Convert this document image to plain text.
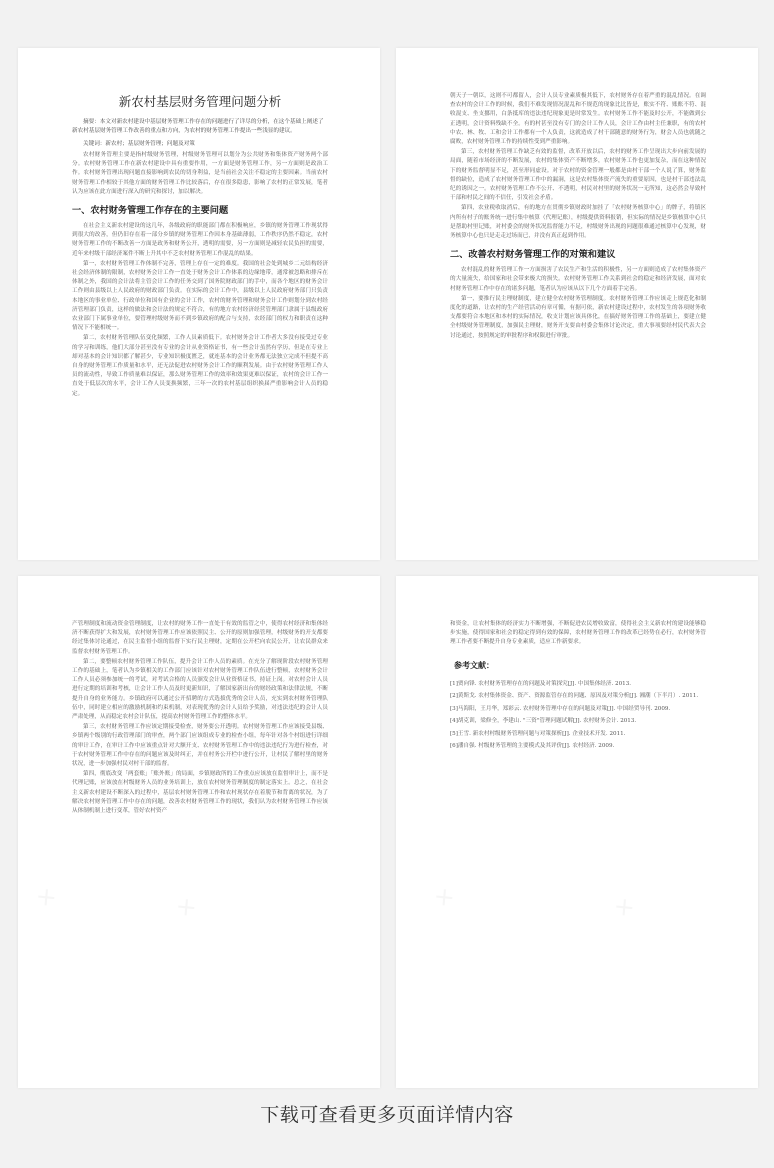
新农村基层财务管理问题分析

摘要：本文对新农村建设中基层财务管理工作存在的问题进行了详尽的分析，在这个基础上阐述了新农村基层财务管理工作改善的重点和方向，为农村的财务管理工作提出一些浅显的建议。

关键词：新农村；基层财务管理；问题及对策

农村财务管理主要是指村级财务管理，村级财务管理可以划分为公共财务和集体资产财务两个部分。农村财务管理工作在新农村建设中具有重要作用，一方面是财务管理工作，另一方面则是政治工作。农村财务管理出现问题直接影响到农民的切身利益，是当前社会关注不稳定的主要因素。当前农村财务管理工作相较于其他方面的财务管理工作比较落后，存在很多隐患，影响了农村的正常发展，笔者认为应该在此方面进行深入的研究和探讨，加以解决。

一、农村财务管理工作存在的主要问题

在社会主义新农村建设的这几年，各级政府的职能部门都在积极响应，乡镇的财务管理工作现状得到很大的改善，但仍旧存在着一部分乡镇的财务管理工作因本身基础薄弱，工作秩序仍然不稳定，农村财务管理工作的不断改善一方面是政务和财务公开，透明的需要，另一方面则是减轻农民负担的需要，近年来村级干部经济案件不断上升其中不乏农村财务管理工作混乱的结果。

第一，农村财务管理工作体制不完善，管理上存在一定的难度。我国的社会处到城乡二元结构经济社会经济体制的限制，农村财务会计工作一直处于财务会计工作体系的边缘地带，通常被忽略和排斥在体制之外，我国的会计法将主管会计工作的任务交到了国务院财政部门的手中，而各个地区的财务会计工作则由县级以上人民政府的财政部门负责。在实际的会计工作中，县级以上人民政府财务部门只负责本地区的事业单位、行政单位和国有企业的会计工作，农村的财务管理和财务会计工作则划分到农村经济管理部门负责，这样的做法和会计法的规定不符合，有的地方农村经济经营管理部门隶属于县级政府农业部门下属事业单位，要管理村级财务而不到乡镇政府的配合与支持，农经部门的权力和职责在这种情况下不能相统一。

第二，农村财务管理队伍变化频繁，工作人员素质低下。农村财务会计工作者大多没有接受过专业的学习和训练，他们大部分甚至没有专业的会计从业资格证书，有一些会计虽然有学历，但是在专业上却对基本的会计知识都了解甚少，专业知识极度匮乏，就连基本的会计业务都无法独立完成不但提不高自身的财务管理工作质量和水平，还无法促进农村财务会计工作的顺利发展。由于农村财务管理工作人员的流动性，导致工作质量难以保证，那么财务管理工作的效率和效果更难以保证，农村的会计工作一直处于低层次的水平，会计工作人员变换频繁，三年一次的农村基层组织换届严重影响会计人员的稳定。

朝天子一朝臣，这则不可都留人，会计人员专业素质极其低下，农村财务存在着严重的混乱情况。在调查农村的会计工作的时候，我们不难发现情况混乱和不规范的现象比比皆是，账实不符、账账不符、混收混支、坐支挪用，白条抵库的违法违纪现象更是时常发生。农村财务工作不能及时公开，不能做到公正透明，会计资料残缺不全。有的村甚至没有专门的会计工作人员，会计工作由村主任兼职，有的农村中农、林、牧、工和会计工作都有一个人负责，这就造成了村干部随意的财务行为，财会人员也就随之腐败，农村财务管理工作的持续性受到严重影响。

第三，农村财务管理工作缺乏有效的监督，改革开放以后，农村的财务工作呈现出大步向前发展的局面，随着市场经济的不断发展，农村的集体资产不断增多，农村财务工作也更加复杂，而在这种情况下的财务监督明显不足，甚至形同虚设。对于农村的资金管理一般都是由村干部一个人说了算，财务监督的缺位，造成了农村财务管理工作中的漏洞，这是农村集体资产流失的重要原因，也是村干部违法乱纪的诱因之一。农村财务管理工作不公开、不透明，村民对村里的财务状况一无所知，这必然会导致村干部和村民之间的不信任，引发社会矛盾。

第四，农业税收取消后，有的地方在贯彻乡镇财政时加挂了「农村财务核算中心」的牌子，将镇区内所有村子的账务统一进行集中核算（代理记账），村级提供资料报销，但实际的情况是乡镇核算中心只是帮助村里记账，对村委会的财务状况监督能力不足，村级财务出现的问题很难通过核算中心发现，财务核算中心也只是走走过场而已，并没有真正起到作用。

二、改善农村财务管理工作的对策和建议

农村混乱的财务管理工作一方面损害了农民生产和生活的积极性，另一方面则造成了农村集体资产的大量流失，给国家和社会带来极大的损失。农村财务管理工作关系到社会的稳定和经济发展，面对农村财务管理工作中存在的诸多问题，笔者认为应该从以下几个方面着手完善。

第一，要推行民主理财制度，建立健全农村财务管理制度。农村财务管理工作应该走上规范化和制度化的道路，让农村的生产经营活动有章可循，有据可依，新农村建设过程中，农村发生的各项财务收支都要符合本地区和本村的实际情况，收支计划应该具体化，在搞好财务管理工作的基础上，要建立健全村级财务管理制度，加强民主理财，财务开支要由村委会集体讨论决定，重大事项要经村民代表大会讨论通过，按照规定的审批程序和权限进行审批。

产管理制度和流动资金管理制度，让农村的财务工作一直处于有效的监管之中，使得农村经济和集体经济不断获得扩大和发展，农村财务管理工作应该依照民主、公开的原则加强管理，村级财务的开支都要经过集体讨论通过，在民主监督小组的监督下实行民主理财，定期在公开栏向农民公开，让农民群众来监督农村财务管理工作。

第二，要整顿农村财务管理工作队伍，提升会计工作人员的素质。在充分了解现阶段农村财务管理工作的基础上，笔者认为乡镇相关的工作部门应该针对农村财务管理工作队伍进行整顿，农村财务会计工作人员必须参加统一的考试，对考试合格的人员颁发会计从业资格证书，持证上岗。对农村会计人员进行定期的培训和考核，让会计工作人员及时更新知识，了解国家新出台的财经政策和法律法规，不断提升自身的业务能力。乡镇政府可以通过公开招聘的方式选拔优秀的会计人员，充实到农村财务管理队伍中，同时建立相应的激励机制和约束机制，对表现优秀的会计人员给予奖励，对违法违纪的会计人员严肃处理，从而稳定农村会计队伍，提高农村财务管理工作的整体水平。

第三，农村财务管理工作应该定期接受检查，财务要公开透明。农村财务管理工作应该接受县级、乡镇两个级别的行政管理部门的审查，两个部门应该组成专业的检查小组，每年针对各个村组进行详细的审计工作，在审计工作中应该重点针对大额开支、农村财务管理工作中的违法违纪行为进行检查，对于农村财务管理工作中存在的问题应该及时纠正，并在村务公开栏中进行公开，让村民了解村里的财务状况，进一步加强村民对村干部的监督。

第四，彻底改变「两套账」「账外账」的局面，乡镇财政所的工作重点应该放在监督审计上，而不是代理记账，应该放在村级财务人员的业务培训上，放在农村财务管理制度的制定落实上。总之，在社会主义新农村建设不断深入的过程中，基层农村财务管理工作和农村现状存在着脱节和背离的状况，为了解决农村财务管理工作中存在的问题，改善农村财务管理工作的现状，我们认为农村财务管理工作应该从体制机制上进行变革，管好农村资产

和资金，让农村集体的经济实力不断增强，不断促进农民增收致富，使得社会主义新农村的建设能够稳步实施，使得国家和社会的稳定得到有效的保障，农村财务管理工作的改革已经势在必行，农村财务管理工作者要不断提升自身专业素质，适应工作新要求。

参考文献：

[1]贾向锋. 农村财务管理存在的问题及对策探究[J]. 中国集体经济. 2013.

[2]黄斯戈. 农村集体资金、资产、资源监管存在的问题、原因及对策分析[J]. 湘潮（下半月）. 2011.

[3]马海阳，王月华，郑彩云. 农村财务管理中存在的问题及对策[J]. 中国经贸导刊. 2009.

[4]胡克训，梁修全，李建山. "三资"管理问题试解[J]. 农村财务会计. 2013.

[5]王雪. 新农村村级财务管理问题与对策探析[J]. 企业技术开发. 2011.

[6]潘自强. 村级财务管理的主要模式及其评价[J]. 农村经济. 2009.

下载可查看更多页面详情内容
